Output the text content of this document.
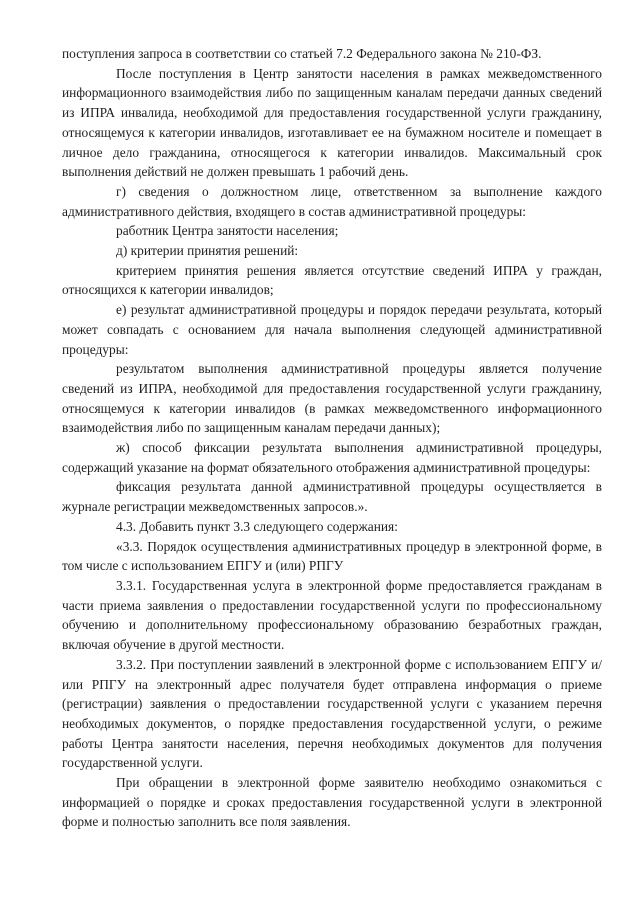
поступления запроса в соответствии со статьей 7.2 Федерального закона № 210-ФЗ.

После поступления в Центр занятости населения в рамках межведомственного информационного взаимодействия либо по защищенным каналам передачи данных сведений из ИПРА инвалида, необходимой для предоставления государственной услуги гражданину, относящемуся к категории инвалидов, изготавливает ее на бумажном носителе и помещает в личное дело гражданина, относящегося к категории инвалидов. Максимальный срок выполнения действий не должен превышать 1 рабочий день.

г) сведения о должностном лице, ответственном за выполнение каждого административного действия, входящего в состав административной процедуры:

работник Центра занятости населения;

д) критерии принятия решений:

критерием принятия решения является отсутствие сведений ИПРА у граждан, относящихся к категории инвалидов;

е) результат административной процедуры и порядок передачи результата, который может совпадать с основанием для начала выполнения следующей административной процедуры:

результатом выполнения административной процедуры является получение сведений из ИПРА, необходимой для предоставления государственной услуги гражданину, относящемуся к категории инвалидов (в рамках межведомственного информационного взаимодействия либо по защищенным каналам передачи данных);

ж) способ фиксации результата выполнения административной процедуры, содержащий указание на формат обязательного отображения административной процедуры:

фиксация результата данной административной процедуры осуществляется в журнале регистрации межведомственных запросов.».

4.3. Добавить пункт 3.3 следующего содержания:

«3.3. Порядок осуществления административных процедур в электронной форме, в том числе с использованием ЕПГУ и (или) РПГУ

3.3.1. Государственная услуга в электронной форме предоставляется гражданам в части приема заявления о предоставлении государственной услуги по профессиональному обучению и дополнительному профессиональному образованию безработных граждан, включая обучение в другой местности.

3.3.2. При поступлении заявлений в электронной форме с использованием ЕПГУ и/или РПГУ на электронный адрес получателя будет отправлена информация о приеме (регистрации) заявления о предоставлении государственной услуги с указанием перечня необходимых документов, о порядке предоставления государственной услуги, о режиме работы Центра занятости населения, перечня необходимых документов для получения государственной услуги.

При обращении в электронной форме заявителю необходимо ознакомиться с информацией о порядке и сроках предоставления государственной услуги в электронной форме и полностью заполнить все поля заявления.
